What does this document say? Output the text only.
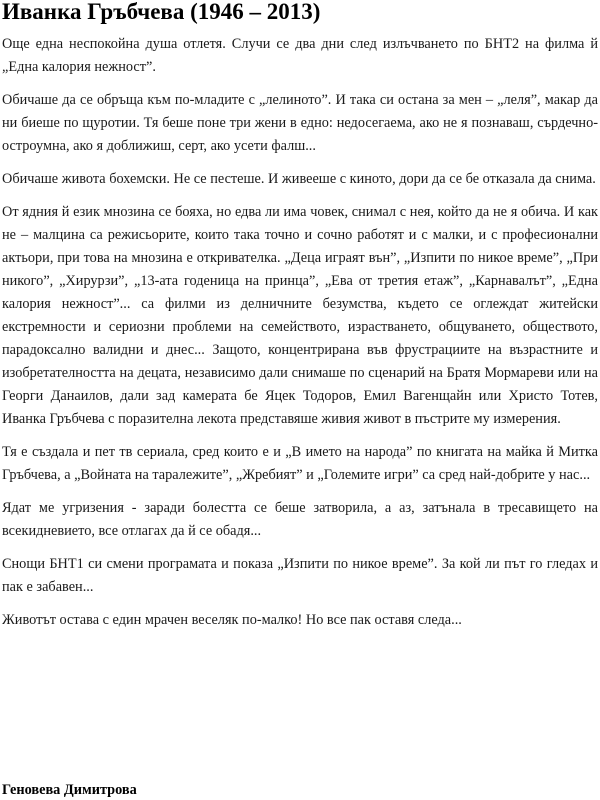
Иванка Гръбчева (1946 – 2013)

Още една неспокойна душа отлетя. Случи се два дни след излъчването по БНТ2 на филма й „Една калория нежност”.

Обичаше да се обръща към по-младите с „лелиното”. И така си остана за мен – „леля”, макар да ни биеше по щуротии. Тя беше поне три жени в едно: недосегаема, ако не я познаваш, сърдечно-остроумна, ако я доближиш, серт, ако усети фалш...

Обичаше живота бохемски. Не се пестеше. И живееше с киното, дори да се бе отказала да снима.

От ядния й език мнозина се бояха, но едва ли има човек, снимал с нея, който да не я обича. И как не – малцина са режисьорите, които така точно и сочно работят и с малки, и с професионални актьори, при това на мнозина е откривателка. „Деца играят вън”, „Изпити по никое време”, „При никого”, „Хирурзи”, „13-ата годеница на принца”, „Ева от третия етаж”, „Карнавалът”, „Една калория нежност”... са филми из делничните безумства, където се оглеждат житейски екстремности и сериозни проблеми на семейството, израстването, общуването, обществото, парадоксално валидни и днес... Защото, концентрирана във фрустрациите на възрастните и изобретателността на децата, независимо дали снимаше по сценарий на Братя Мормареви или на Георги Данаилов, дали зад камерата бе Яцек Тодоров, Емил Вагенщайн или Христо Тотев, Иванка Гръбчева с поразителна лекота представяше живия живот в пъстрите му измерения.

Тя е създала и пет тв сериала, сред които е и „В името на народа” по книгата на майка й Митка Гръбчева, а „Войната на таралежите”, „Жребият” и „Големите игри” са сред най-добрите у нас...

Ядат ме угризения - заради болестта се беше затворила, а аз, затънала в тресавището на всекидневието, все отлагах да й се обадя...

Снощи БНТ1 си смени програмата и показа „Изпити по никое време”. За кой ли път го гледах и пак е забавен...

Животът остава с един мрачен веселяк по-малко! Но все пак оставя следа...

Геновева Димитрова
